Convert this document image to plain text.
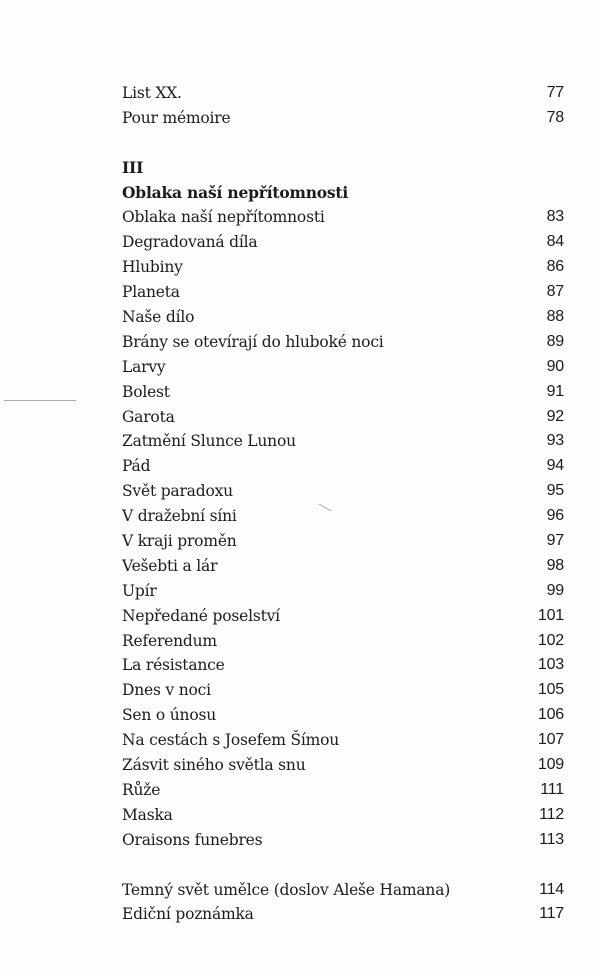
List XX.	77
Pour mémoire	78
III
Oblaka naší nepřítomnosti
Oblaka naší nepřítomnosti	83
Degradovaná díla	84
Hlubiny	86
Planeta	87
Naše dílo	88
Brány se otevírají do hluboké noci	89
Larvy	90
Bolest	91
Garota	92
Zatmění Slunce Lunou	93
Pád	94
Svět paradoxu	95
V dražební síni	96
V kraji proměn	97
Vešebti a lár	98
Upír	99
Nepředané poselství	101
Referendum	102
La résistance	103
Dnes v noci	105
Sen o únosu	106
Na cestách s Josefem Šímou	107
Zásvit siného světla snu	109
Růže	111
Maska	112
Oraisons funebres	113
Temný svět umělce (doslov Aleše Hamana)	114
Ediční poznámka	117
